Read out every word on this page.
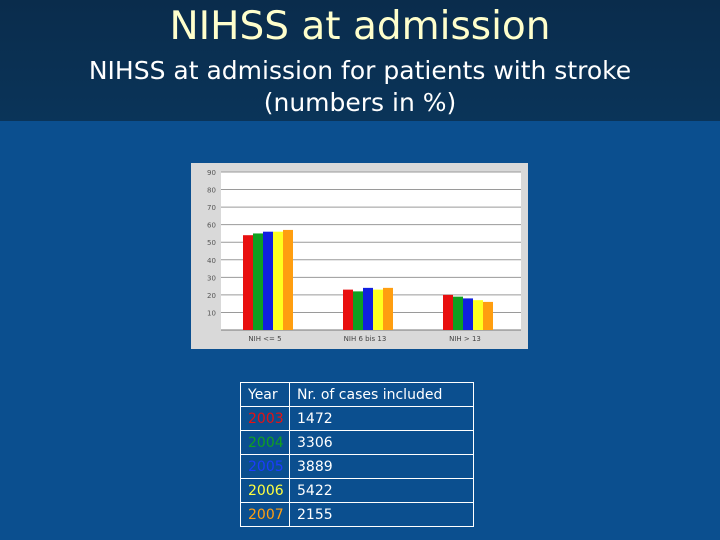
NIHSS at admission
NIHSS at admission for patients with stroke
(numbers in %)
10
20
30
40
50
60
70
80
90
NIH <= 5	NIH 6 bis 13	NIH > 13
Year	Nr. of cases included
2003	1472
2004	3306
2005	3889
2006	5422
2007	2155
